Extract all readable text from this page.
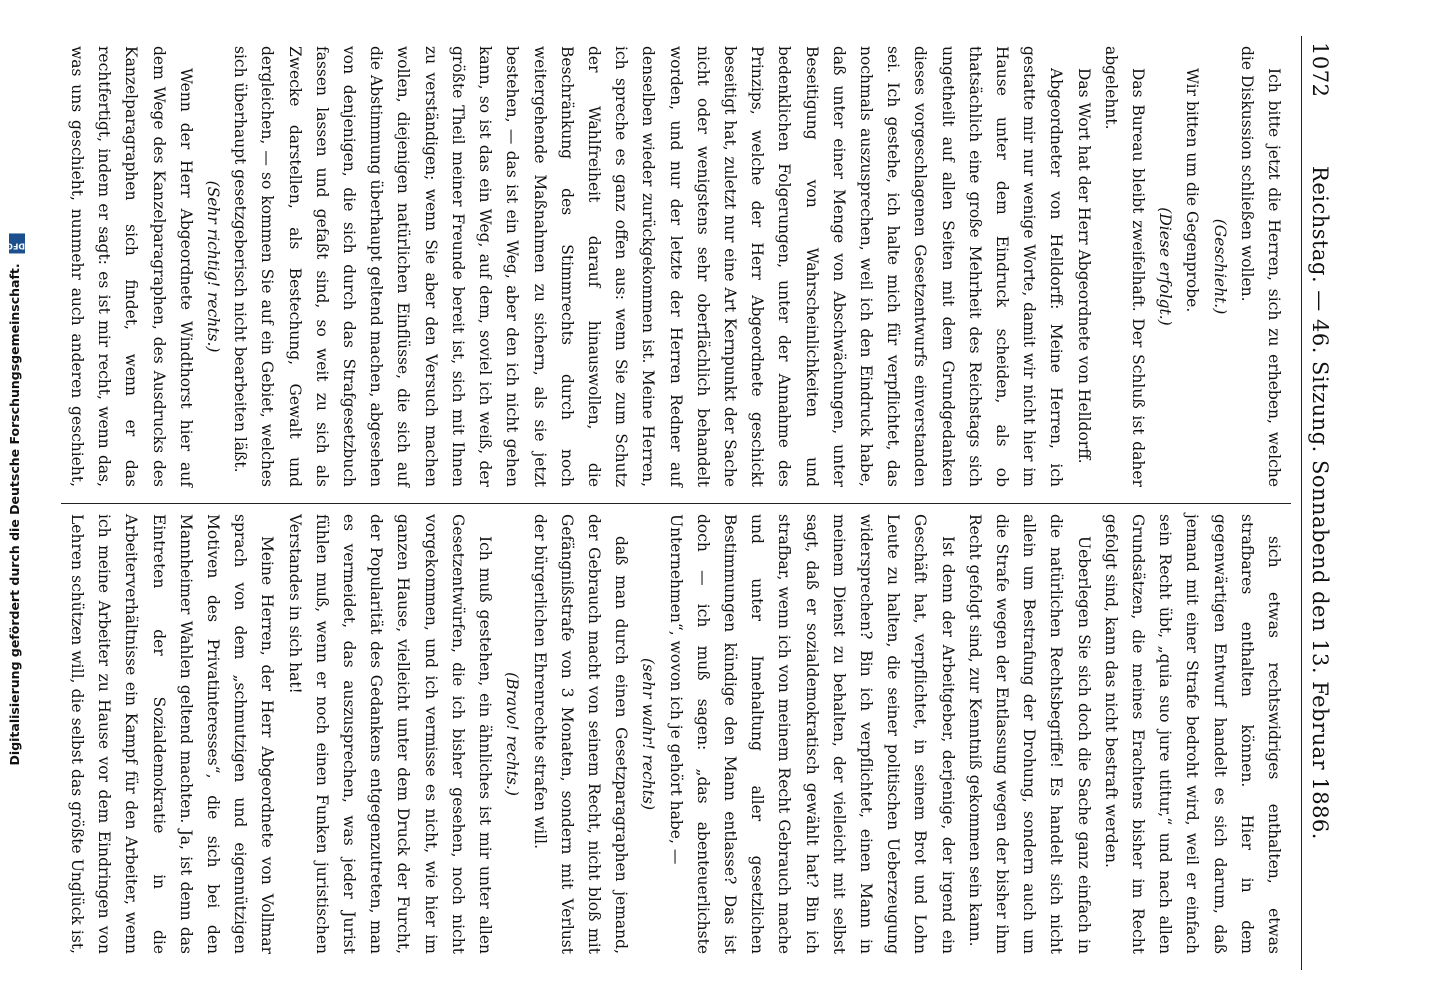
1072
Reichstag. — 46. Sitzung. Sonnabend den 13. Februar 1886.

Ich bitte jetzt die Herren, sich zu erheben, welche die Diskussion schließen wollen.

(Geschieht.)

Wir bitten um die Gegenprobe.

(Diese erfolgt.)

Das Bureau bleibt zweifelhaft. Der Schluß ist daher abgelehnt.

Das Wort hat der Herr Abgeordnete von Helldorff.

Abgeordneter von Helldorff: Meine Herren, ich gestatte mir nur wenige Worte, damit wir nicht hier im Hause unter dem Eindruck scheiden, als ob thatsächlich eine große Mehrheit des Reichstags sich ungetheilt auf allen Seiten mit dem Grundgedanken dieses vorgeschlagenen Gesetzentwurfs einverstanden sei. Ich gestehe, ich halte mich für verpflichtet, das nochmals auszusprechen, weil ich den Eindruck habe, daß unter einer Menge von Abschwächungen, unter Beseitigung von Wahrscheinlichkeiten und bedenklichen Folgerungen, unter der Annahme des Prinzips, welche der Herr Abgeordnete geschickt beseitigt hat, zuletzt nur eine Art Kernpunkt der Sache nicht oder wenigstens sehr oberflächlich behandelt worden, und nur der letzte der Herren Redner auf denselben wieder zurückgekommen ist. Meine Herren, ich spreche es ganz offen aus: wenn Sie zum Schutz der Wahlfreiheit darauf hinauswollen, die Beschränkung des Stimmrechts durch noch weitergehende Maßnahmen zu sichern, als sie jetzt bestehen, — das ist ein Weg, aber den ich nicht gehen kann, so ist das ein Weg, auf dem, soviel ich weiß, der größte Theil meiner Freunde bereit ist, sich mit Ihnen zu verständigen; wenn Sie aber den Versuch machen wollen, diejenigen natürlichen Einflüsse, die sich auf die Abstimmung überhaupt geltend machen, abgesehen von denjenigen, die sich durch das Strafgesetzbuch fassen lassen und gefaßt sind, so weit zu sich als Zwecke darstellen, als Bestechung, Gewalt und dergleichen, — so kommen Sie auf ein Gebiet, welches sich überhaupt gesetzgeberisch nicht bearbeiten läßt.

(Sehr richtig! rechts.)

Wenn der Herr Abgeordnete Windthorst hier auf dem Wege des Kanzelparagraphen, des Ausdrucks des Kanzelparagraphen sich findet, wenn er das rechtfertigt, indem er sagt: es ist mir recht, wenn das, was uns geschieht, nunmehr auch anderen geschieht,

sich etwas rechtswidriges enthalten, etwas strafbares enthalten können. Hier in dem gegenwärtigen Entwurf handelt es sich darum, daß jemand mit einer Strafe bedroht wird, weil er einfach sein Recht übt, „quia suo jure utitur,“ und nach allen Grundsätzen, die meines Erachtens bisher im Recht gefolgt sind, kann das nicht bestraft werden.

Ueberlegen Sie sich doch die Sache ganz einfach in die natürlichen Rechtsbegriffe! Es handelt sich nicht allein um Bestrafung der Drohung, sondern auch um die Strafe wegen der Entlassung wegen der bisher ihm Recht gefolgt sind, zur Kenntniß gekommen sein kann.

Ist denn der Arbeitgeber, derjenige, der irgend ein Geschäft hat, verpflichtet, in seinem Brot und Lohn Leute zu halten, die seiner politischen Ueberzeugung widersprechen? Bin ich verpflichtet, einen Mann in meinem Dienst zu behalten, der vielleicht mit selbst sagt, daß er sozialdemokratisch gewählt hat? Bin ich strafbar, wenn ich von meinem Recht Gebrauch mache und unter Innehaltung aller gesetzlichen Bestimmungen kündige den Mann entlasse? Das ist doch — ich muß sagen: „das abenteuerlichste Unternehmen“, wovon ich je gehört habe, —

(sehr wahr! rechts)

daß man durch einen Gesetzparagraphen jemand, der Gebrauch macht von seinem Recht, nicht bloß mit Gefängnißstrafe von 3 Monaten, sondern mit Verlust der bürgerlichen Ehrenrechte strafen will.

(Bravo! rechts.)

Ich muß gestehen, ein ähnliches ist mir unter allen Gesetzentwürfen, die ich bisher gesehen, noch nicht vorgekommen, und ich vermisse es nicht, wie hier im ganzen Hause, vielleicht unter dem Druck der Furcht, der Popularität des Gedankens entgegenzutreten, man es vermeidet, das auszusprechen, was jeder Jurist fühlen muß, wenn er noch einen Funken juristischen Verstandes in sich hat!

Meine Herren, der Herr Abgeordnete von Vollmar sprach von dem „schmutzigen und eigennützigen Motiven des Privatinteresses“, die sich bei den Mannheimer Wahlen geltend machten. Ja, ist denn das Eintreten der Sozialdemokratie in die Arbeiterverhältnisse ein Kampf für den Arbeiter, wenn ich meine Arbeiter zu Hause vor dem Eindringen von Lehren schützen will, die selbst das größte Unglück ist,

Digitalisierung gefördert durch die Deutsche Forschungsgemeinschaft. DFG
